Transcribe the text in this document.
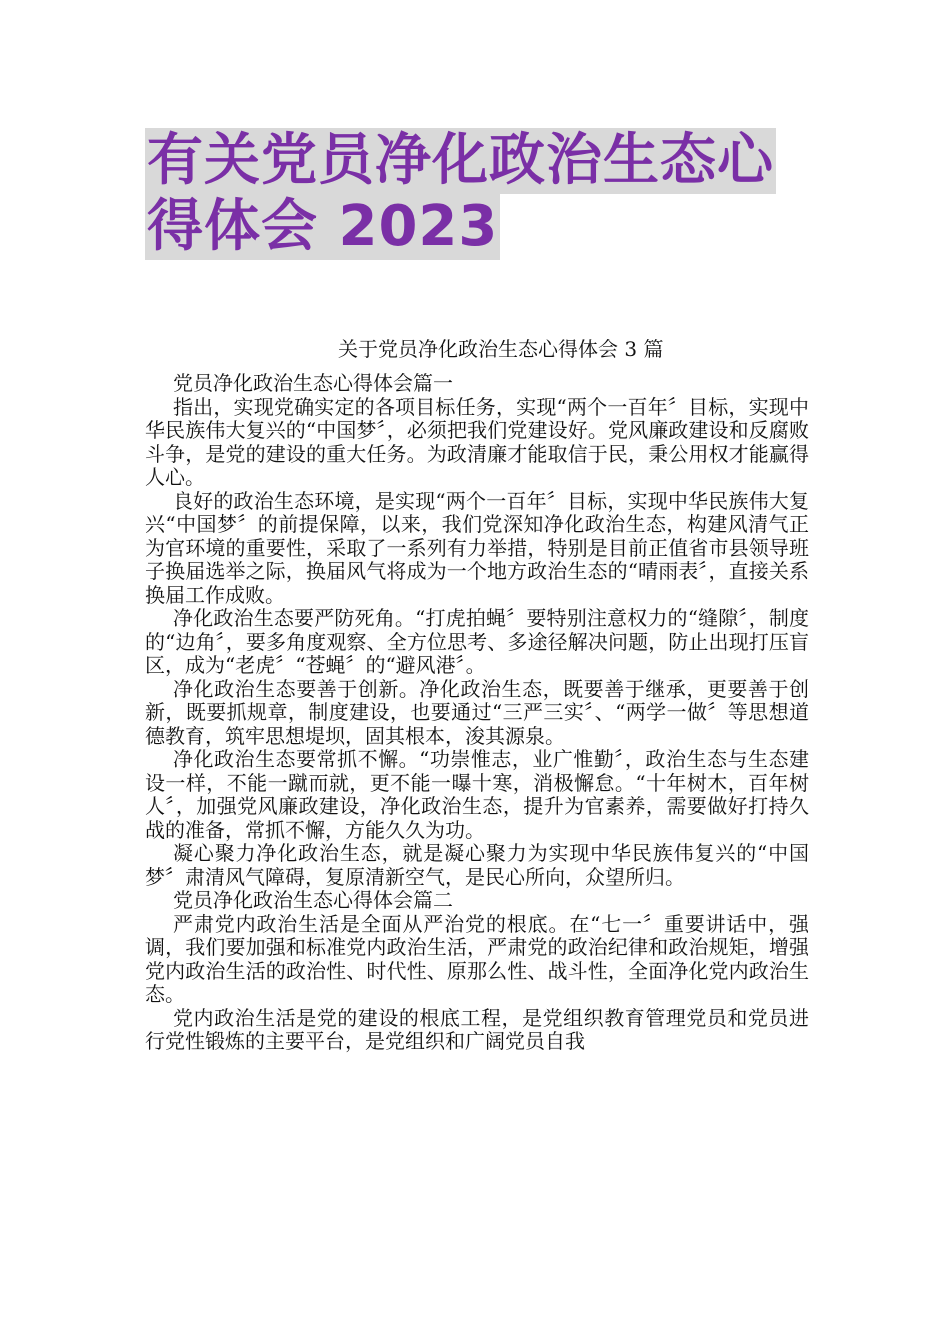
有关党员净化政治生态心
得体会 2023
关于党员净化政治生态心得体会 3 篇

党员净化政治生态心得体会篇一

指出，实现党确实定的各项目标任务，实现“两个一百年〞目标，实现中华民族伟大复兴的“中国梦〞，必须把我们党建设好。党风廉政建设和反腐败斗争，是党的建设的重大任务。为政清廉才能取信于民，秉公用权才能赢得人心。

良好的政治生态环境，是实现“两个一百年〞目标，实现中华民族伟大复兴“中国梦〞的前提保障，以来，我们党深知净化政治生态，构建风清气正为官环境的重要性，采取了一系列有力举措，特别是目前正值省市县领导班子换届选举之际，换届风气将成为一个地方政治生态的“晴雨表〞，直接关系换届工作成败。

净化政治生态要严防死角。“打虎拍蝇〞要特别注意权力的“缝隙〞，制度的“边角〞，要多角度观察、全方位思考、多途径解决问题，防止出现打压盲区，成为“老虎〞“苍蝇〞的“避风港〞。

净化政治生态要善于创新。净化政治生态，既要善于继承，更要善于创新，既要抓规章，制度建设，也要通过“三严三实〞、“两学一做〞等思想道德教育，筑牢思想堤坝，固其根本，浚其源泉。

净化政治生态要常抓不懈。“功崇惟志，业广惟勤〞，政治生态与生态建设一样，不能一蹴而就，更不能一曝十寒，消极懈怠。“十年树木，百年树人〞，加强党风廉政建设，净化政治生态，提升为官素养，需要做好打持久战的准备，常抓不懈，方能久久为功。

凝心聚力净化政治生态，就是凝心聚力为实现中华民族伟复兴的“中国梦〞肃清风气障碍，复原清新空气，是民心所向，众望所归。

党员净化政治生态心得体会篇二

严肃党内政治生活是全面从严治党的根底。在“七一〞重要讲话中，强调，我们要加强和标准党内政治生活，严肃党的政治纪律和政治规矩，增强党内政治生活的政治性、时代性、原那么性、战斗性，全面净化党内政治生态。

党内政治生活是党的建设的根底工程，是党组织教育管理党员和党员进行党性锻炼的主要平台，是党组织和广阔党员自我
